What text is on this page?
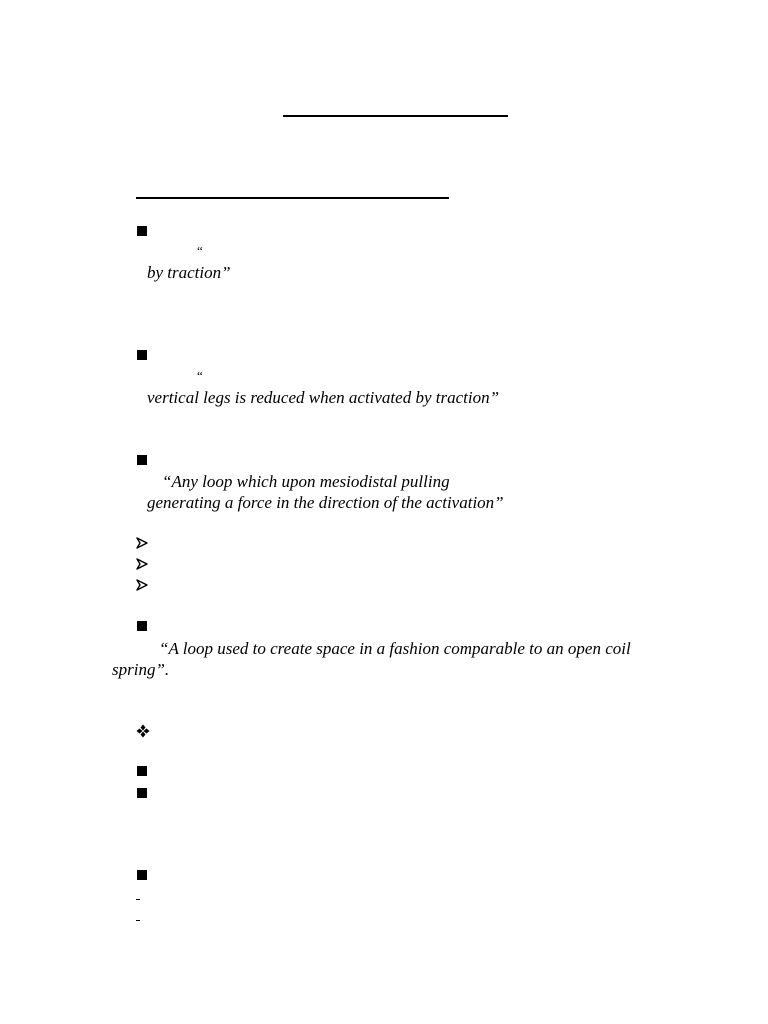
“
by traction”
“
vertical legs is reduced when activated by traction”
“Any loop which upon mesiodistal pulling
generating a force in the direction of the activation”
“A loop used to create space in a fashion comparable to an open coil
spring”.
